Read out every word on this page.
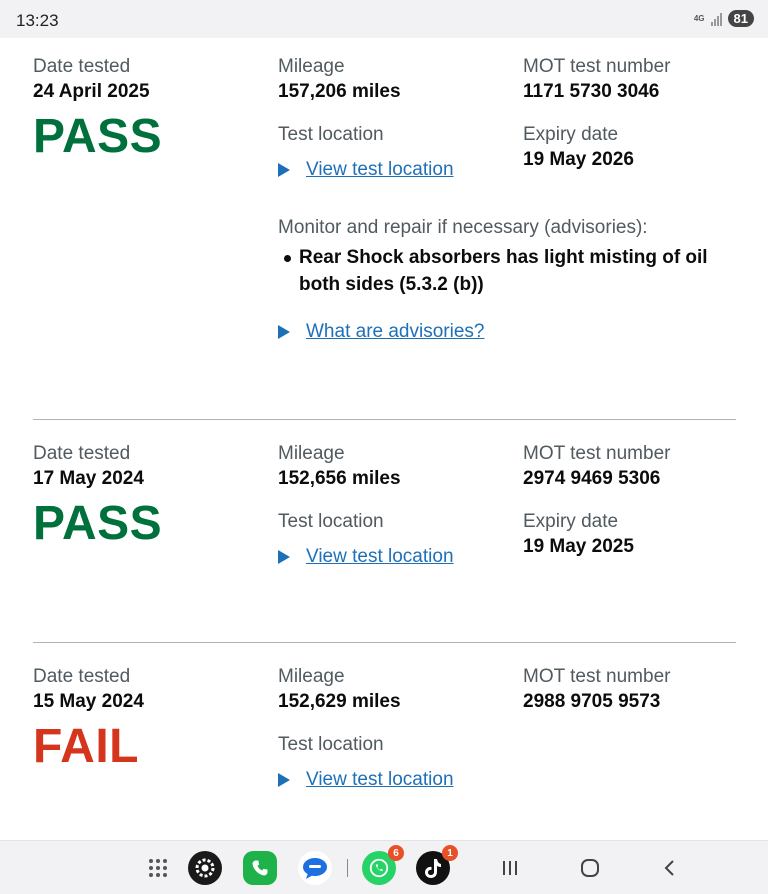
13:23	4G	81
Date tested
24 April 2025
PASS
Mileage
157,206 miles
Test location
View test location
Monitor and repair if necessary (advisories):
Rear Shock absorbers has light misting of oil both sides (5.3.2 (b))
What are advisories?
MOT test number
1171 5730 3046
Expiry date
19 May 2026
Date tested
17 May 2024
PASS
Mileage
152,656 miles
Test location
View test location
MOT test number
2974 9469 5306
Expiry date
19 May 2025
Date tested
15 May 2024
FAIL
Mileage
152,629 miles
Test location
View test location
MOT test number
2988 9705 9573
6	1
